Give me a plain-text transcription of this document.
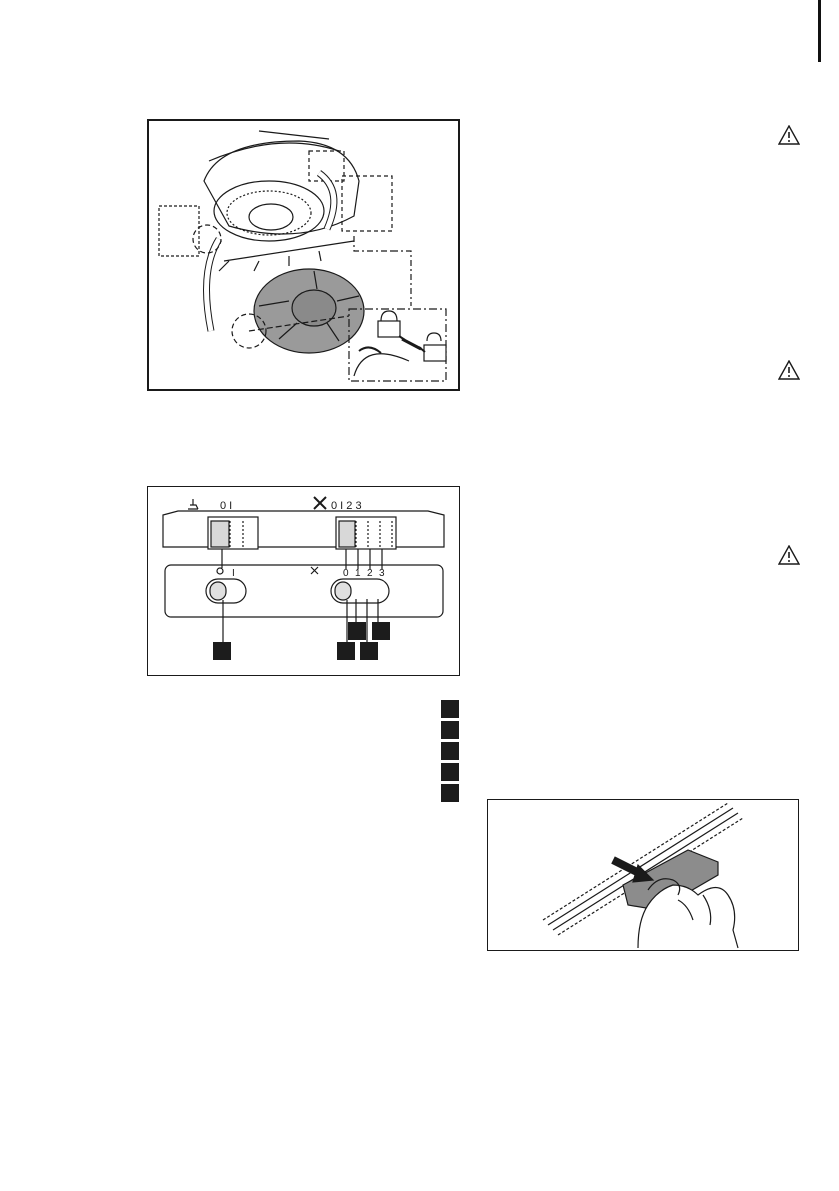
0 I	0 I 2 3
I	0 1 2 3
